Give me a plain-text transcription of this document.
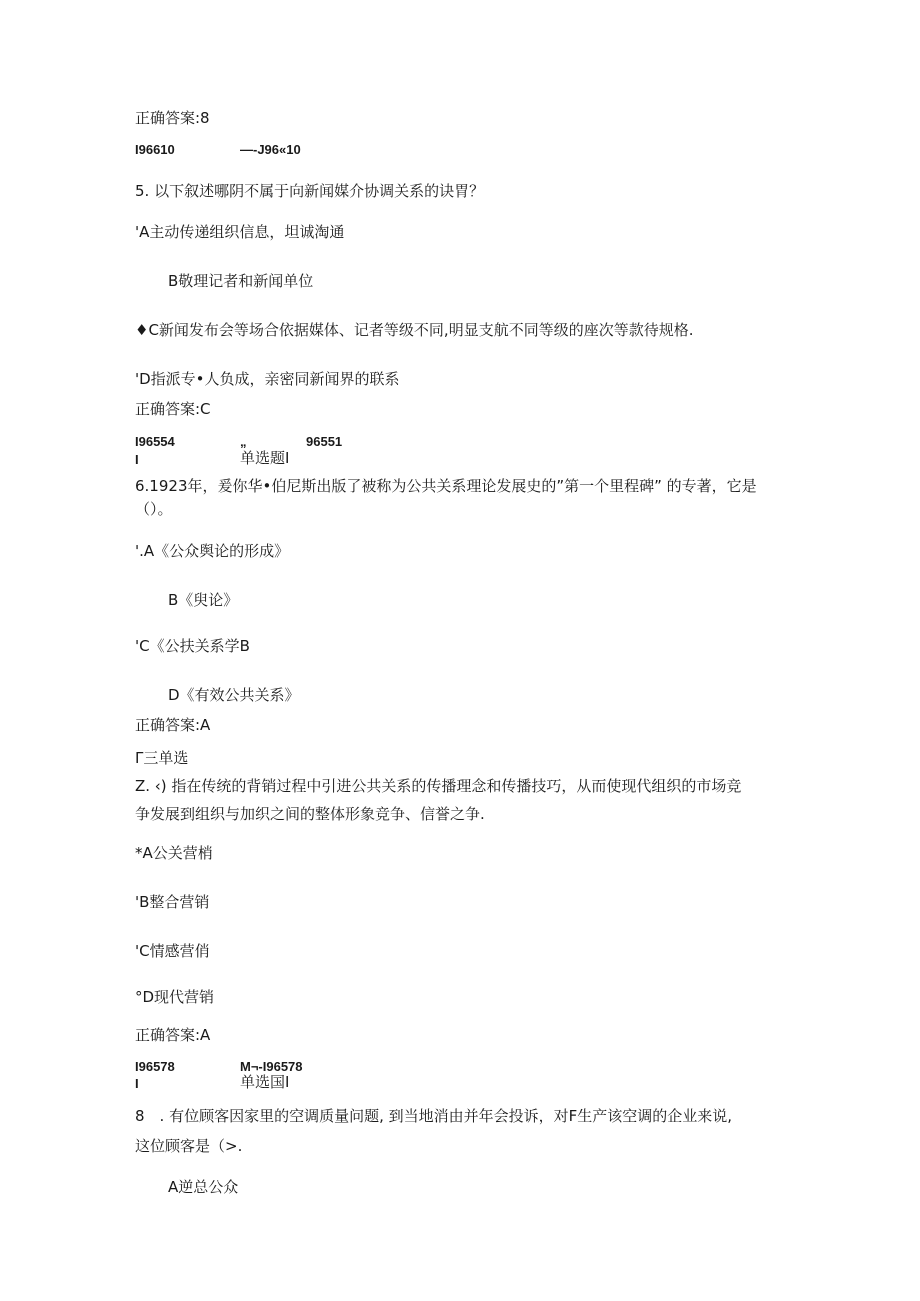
正确答案:8
I96610	—-J96«10
5. 以下叙述哪阴不属于向新闻媒介协调关系的诀胃？
'A主动传递组织信息，坦诚淘通
B敬理记者和新闻单位
♦C新闻发布会等场合依据媒体、记者等级不同,明显支航不同等级的座次等款待规格.
'D指派专•人负成，亲密同新闻界的联系
正确答案:C
I96554	„	96551
I	单选题I
6.1923年，爰你华•伯尼斯出版了被称为公共关系理论发展史的”第一个里程碑” 的专著，它是
（）。
'.A《公众舆论的形成》
B《臾论》
'C《公扶关系学B
D《有效公共关系》
正确答案:A
Γ三单选
Z. ‹) 指在传统的背销过程中引进公共关系的传播理念和传播技巧，从而使现代组织的市场竞
争发展到组织与加织之间的整体形象竞争、信誉之争.
*A公关营梢
'B整合营销
'C情感营俏
°D现代营销
正确答案:A
I96578	M¬-I96578
I	单选国I
8　. 有位顾客因家里的空调质量问题, 到当地消由并年会投诉，对F生产该空调的企业来说,
这位顾客是（>.
A逆总公众
